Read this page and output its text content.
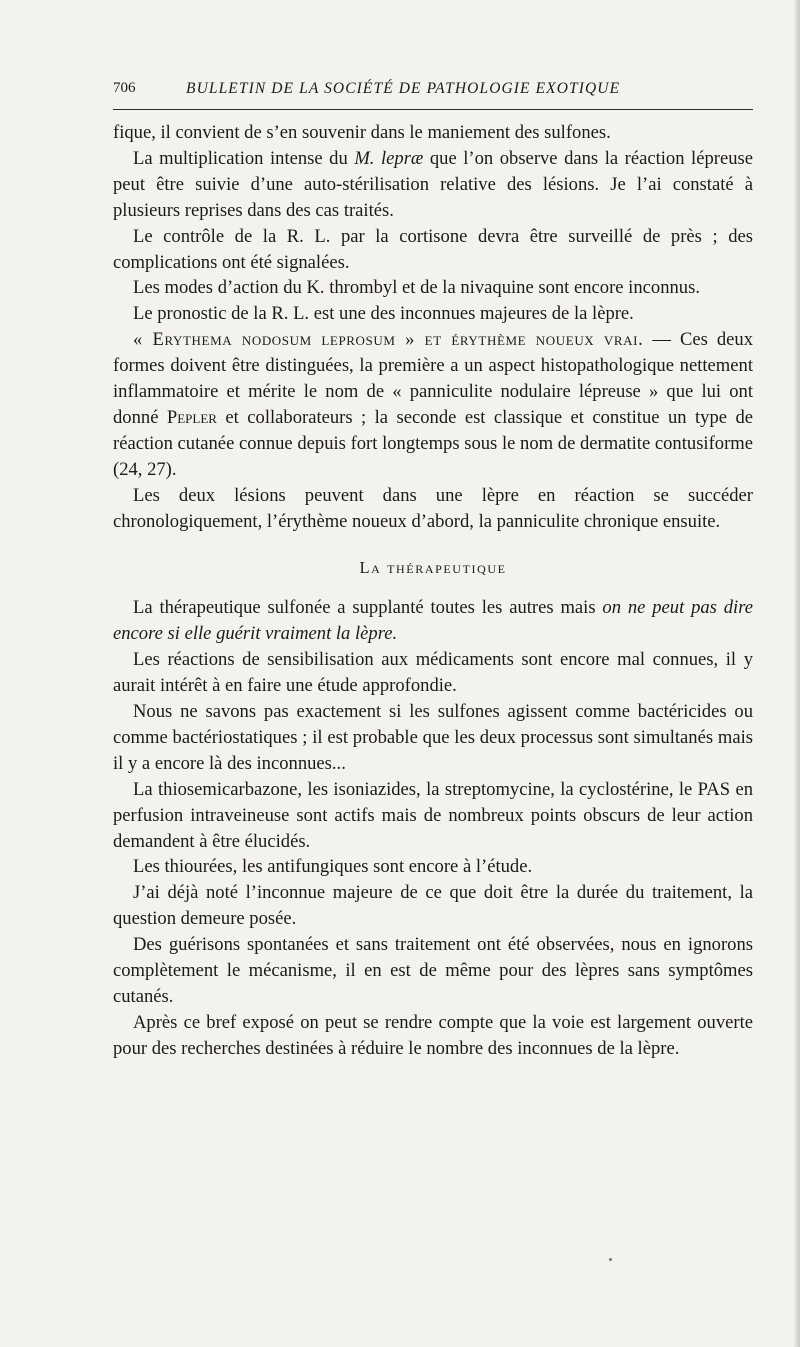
706	BULLETIN DE LA SOCIÉTÉ DE PATHOLOGIE EXOTIQUE

fique, il convient de s’en souvenir dans le maniement des sulfones.

La multiplication intense du M. lepræ que l’on observe dans la réaction lépreuse peut être suivie d’une auto-stérilisation relative des lésions. Je l’ai constaté à plusieurs reprises dans des cas traités.

Le contrôle de la R. L. par la cortisone devra être surveillé de près ; des complications ont été signalées.

Les modes d’action du K. thrombyl et de la nivaquine sont encore inconnus.

Le pronostic de la R. L. est une des inconnues majeures de la lèpre.

« Erythema nodosum leprosum » et érythème noueux vrai. — Ces deux formes doivent être distinguées, la première a un aspect histopathologique nettement inflammatoire et mérite le nom de « panniculite nodulaire lépreuse » que lui ont donné Pepler et collaborateurs ; la seconde est classique et constitue un type de réaction cutanée connue depuis fort longtemps sous le nom de dermatite contusiforme (24, 27).

Les deux lésions peuvent dans une lèpre en réaction se succéder chronologiquement, l’érythème noueux d’abord, la panniculite chronique ensuite.

La thérapeutique

La thérapeutique sulfonée a supplanté toutes les autres mais on ne peut pas dire encore si elle guérit vraiment la lèpre.

Les réactions de sensibilisation aux médicaments sont encore mal connues, il y aurait intérêt à en faire une étude approfondie.

Nous ne savons pas exactement si les sulfones agissent comme bactéricides ou comme bactériostatiques ; il est probable que les deux processus sont simultanés mais il y a encore là des inconnues...

La thiosemicarbazone, les isoniazides, la streptomycine, la cyclostérine, le PAS en perfusion intraveineuse sont actifs mais de nombreux points obscurs de leur action demandent à être élucidés.

Les thiourées, les antifungiques sont encore à l’étude.

J’ai déjà noté l’inconnue majeure de ce que doit être la durée du traitement, la question demeure posée.

Des guérisons spontanées et sans traitement ont été observées, nous en ignorons complètement le mécanisme, il en est de même pour des lèpres sans symptômes cutanés.

Après ce bref exposé on peut se rendre compte que la voie est largement ouverte pour des recherches destinées à réduire le nombre des inconnues de la lèpre.
